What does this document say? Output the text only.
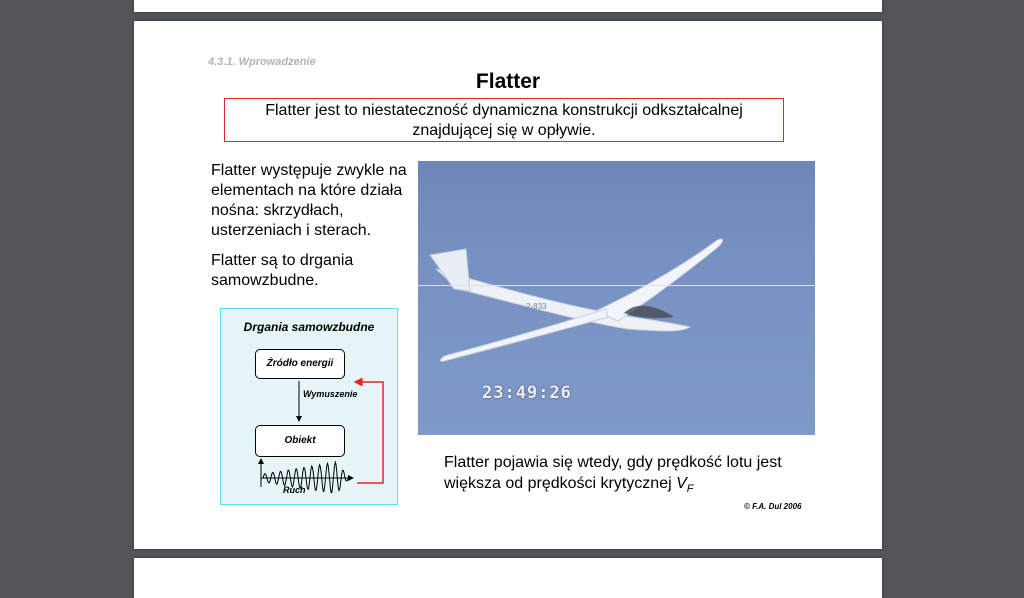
4.3.1. Wprowadzenie
Flatter
Flatter jest to niestateczność dynamiczna konstrukcji odkształcalnej znajdującej się w opływie.

Flatter występuje zwykle na elementach na które działa nośna: skrzydłach, usterzeniach i sterach.

Flatter są to drgania samowzbudne.

Drgania samowzbudne
Źródło energii
Obiekt
Wymuszenie
Ruch
2-833
23:49:26
Flatter pojawia się wtedy, gdy prędkość lotu jest większa od prędkości krytycznej $V_F$
© F.A. Dul 2006
